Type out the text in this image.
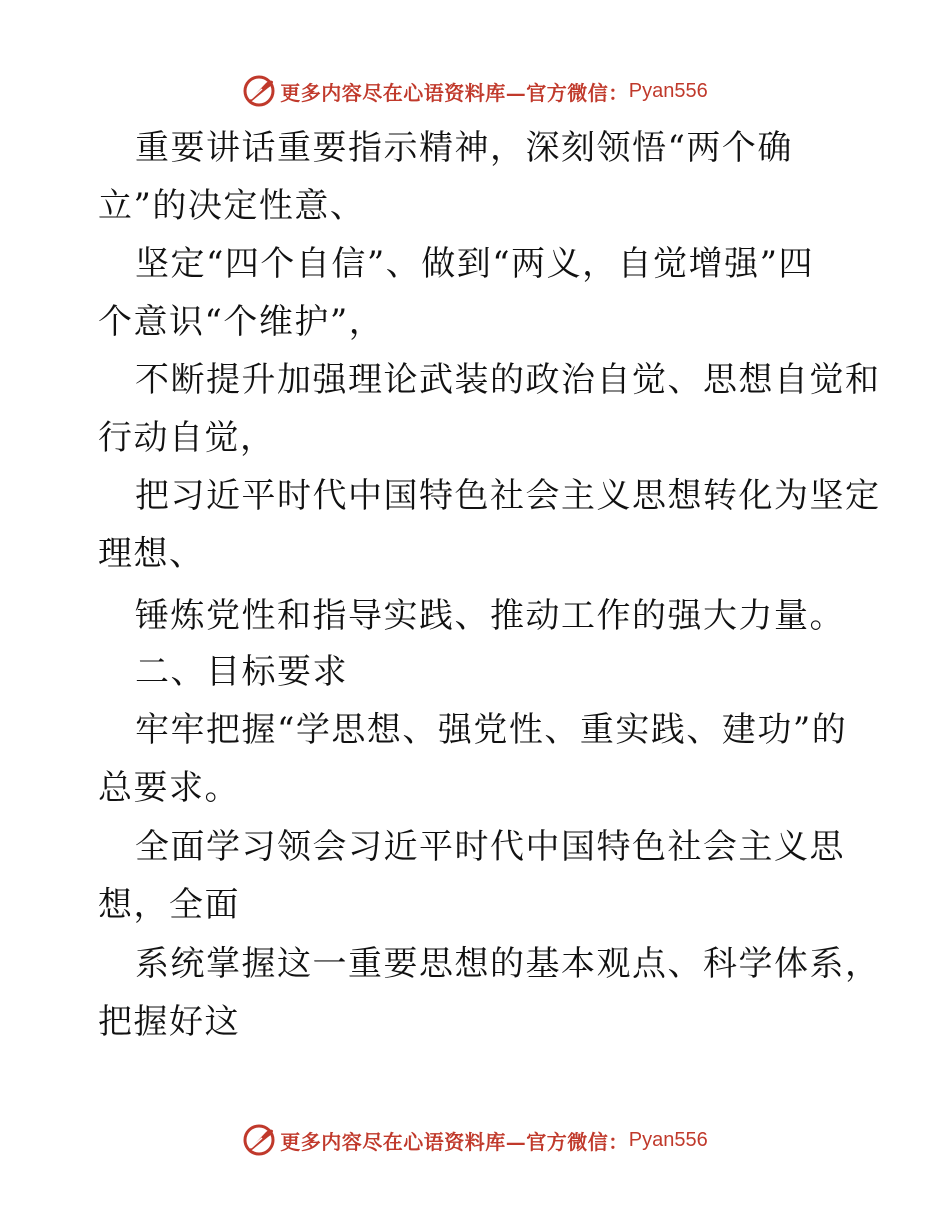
更多内容尽在心语资料库—官方微信： Pyan556
重要讲话重要指示精神，深刻领悟“两个确
立”的决定性意、
坚定“四个自信”、做到“两义，自觉增强”四
个意识“个维护”，
不断提升加强理论武装的政治自觉、思想自觉和
行动自觉，
把习近平时代中国特色社会主义思想转化为坚定
理想、
锤炼党性和指导实践、推动工作的强大力量。
二、目标要求
牢牢把握“学思想、强党性、重实践、建功”的
总要求。
全面学习领会习近平时代中国特色社会主义思
想，全面
系统掌握这一重要思想的基本观点、科学体系，
把握好这
更多内容尽在心语资料库—官方微信： Pyan556
